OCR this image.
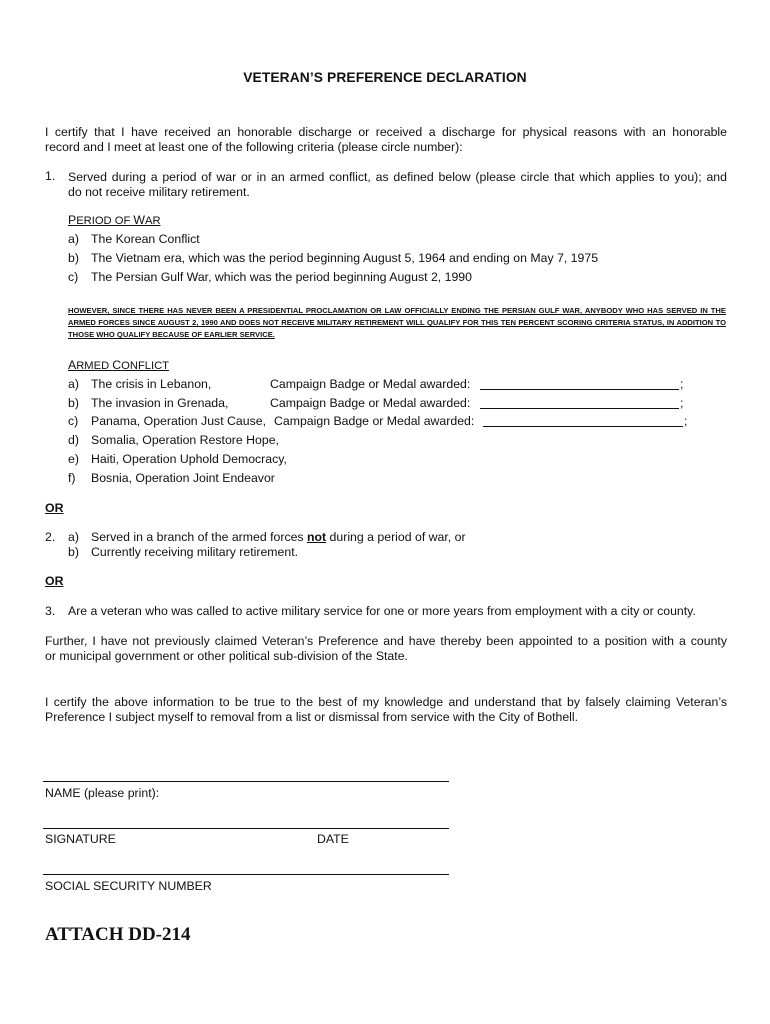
VETERAN’S PREFERENCE DECLARATION
I certify that I have received an honorable discharge or received a discharge for physical reasons with an honorable
record and I meet at least one of the following criteria (please circle number):
1. Served during a period of war or in an armed conflict, as defined below (please circle that which applies to you); and
do not receive military retirement.
PERIOD OF WAR
a) The Korean Conflict
b) The Vietnam era, which was the period beginning August 5, 1964 and ending on May 7, 1975
c) The Persian Gulf War, which was the period beginning August 2, 1990
HOWEVER, SINCE THERE HAS NEVER BEEN A PRESIDENTIAL PROCLAMATION OR LAW OFFICIALLY ENDING THE PERSIAN GULF WAR, ANYBODY WHO HAS SERVED IN THE ARMED FORCES SINCE AUGUST 2, 1990 AND DOES NOT RECEIVE MILITARY RETIREMENT WILL QUALIFY FOR THIS TEN PERCENT SCORING CRITERIA STATUS, IN ADDITION TO THOSE WHO QUALIFY BECAUSE OF EARLIER SERVICE.
ARMED CONFLICT
a) The crisis in Lebanon,	Campaign Badge or Medal awarded:	;
b) The invasion in Grenada,	Campaign Badge or Medal awarded:	;
c) Panama, Operation Just Cause, Campaign Badge or Medal awarded:	;
d) Somalia, Operation Restore Hope,
e) Haiti, Operation Uphold Democracy,
f) Bosnia, Operation Joint Endeavor
OR
2. a) Served in a branch of the armed forces not during a period of war, or
b) Currently receiving military retirement.
OR
3. Are a veteran who was called to active military service for one or more years from employment with a city or county.
Further, I have not previously claimed Veteran’s Preference and have thereby been appointed to a position with a county
or municipal government or other political sub-division of the State.
I certify the above information to be true to the best of my knowledge and understand that by falsely claiming Veteran’s
Preference I subject myself to removal from a list or dismissal from service with the City of Bothell.
NAME (please print):
SIGNATURE	DATE
SOCIAL SECURITY NUMBER
ATTACH DD-214
